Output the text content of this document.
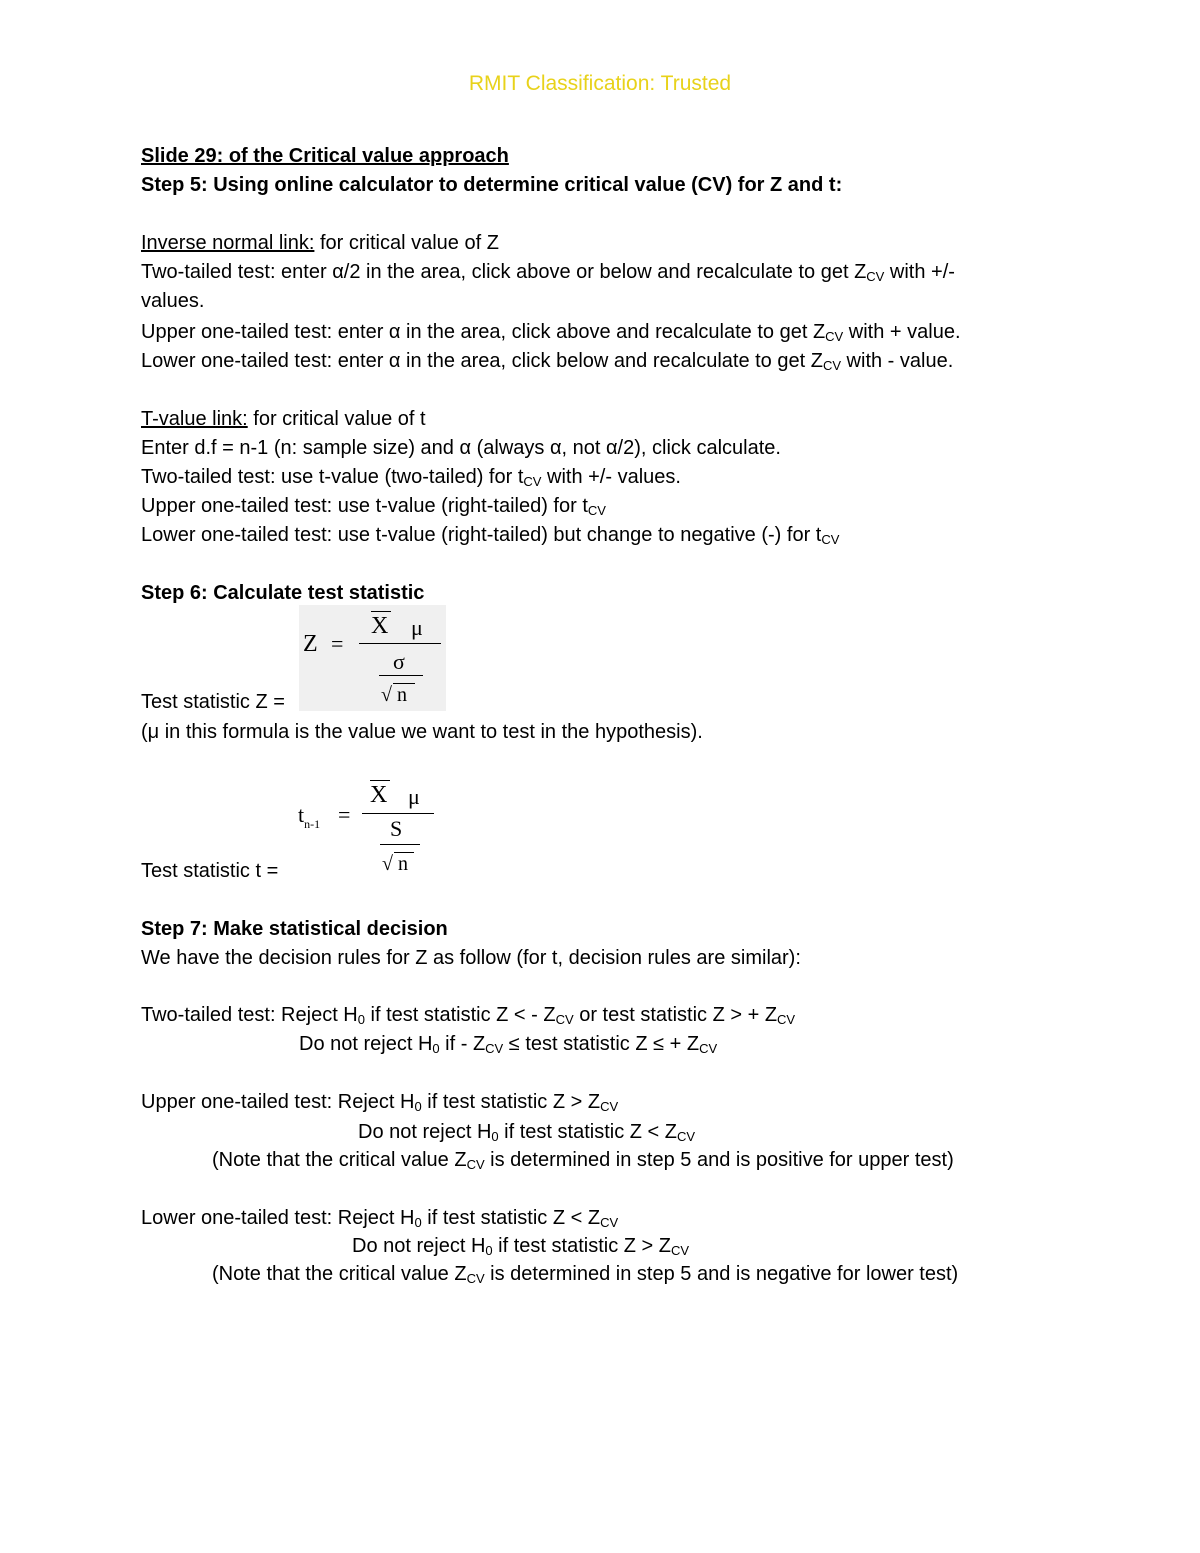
RMIT Classification: Trusted
Slide 29: of the Critical value approach
Step 5: Using online calculator to determine critical value (CV) for Z and t:
Inverse normal link: for critical value of Z
Two-tailed test: enter α/2 in the area, click above or below and recalculate to get $Z_{CV}$ with +/-
values.
Upper one-tailed test: enter α in the area, click above and recalculate to get $Z_{CV}$ with + value.
Lower one-tailed test: enter α in the area, click below and recalculate to get $Z_{CV}$ with - value.
T-value link: for critical value of t
Enter d.f = n-1 (n: sample size) and α (always α, not α/2), click calculate.
Two-tailed test: use t-value (two-tailed) for $t_{CV}$ with +/- values.
Upper one-tailed test: use t-value (right-tailed) for $t_{CV}$
Lower one-tailed test: use t-value (right-tailed) but change to negative (-) for $t_{CV}$
Step 6: Calculate test statistic
Z =
X μ
σ
√ n
Test statistic Z =
(μ in this formula is the value we want to test in the hypothesis).
$t_{n-1}$ =
X μ
S
√ n
Test statistic t =
Step 7: Make statistical decision
We have the decision rules for Z as follow (for t, decision rules are similar):
Two-tailed test: Reject $H_0$ if test statistic Z < - $Z_{CV}$ or test statistic Z > + $Z_{CV}$
Do not reject $H_0$ if - $Z_{CV}$ ≤ test statistic Z ≤ + $Z_{CV}$
Upper one-tailed test: Reject $H_0$ if test statistic $Z > Z_{CV}$
Do not reject $H_0$ if test statistic $Z < Z_{CV}$
(Note that the critical value $Z_{CV}$ is determined in step 5 and is positive for upper test)
Lower one-tailed test: Reject $H_0$ if test statistic $Z < Z_{CV}$
Do not reject $H_0$ if test statistic $Z > Z_{CV}$
(Note that the critical value $Z_{CV}$ is determined in step 5 and is negative for lower test)
